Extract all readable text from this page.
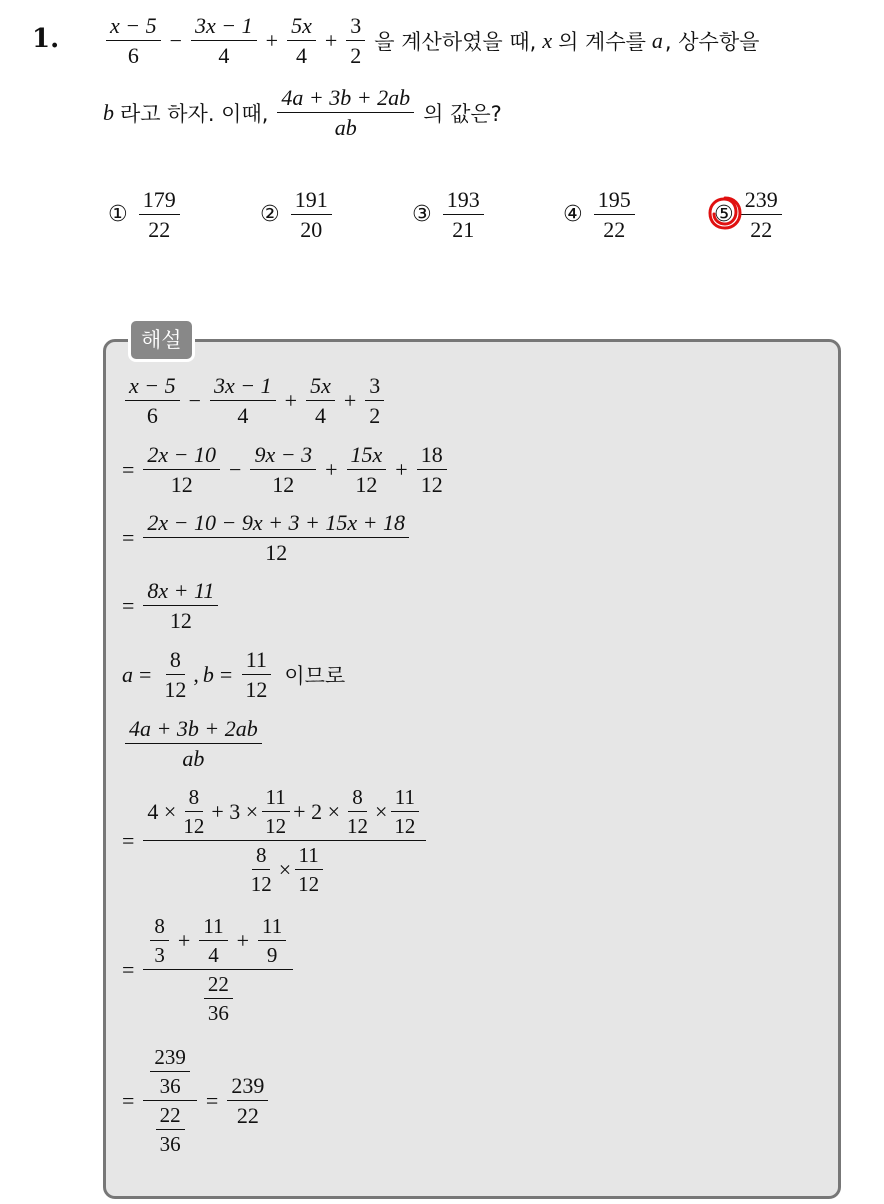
1. $\frac{x - 5}{6} - \frac{3x - 1}{4} + \frac{5x}{4} + \frac{3}{2}$ 을 계산하였을 때, x 의 계수를 a , 상수항을
b 라고 하자. 이때, $\frac{4a + 3b + 2ab}{ab}$ 의 값은?
① $\frac{179}{22}$	② $\frac{191}{20}$	③ $\frac{193}{21}$	④ $\frac{195}{22}$	⑤ $\frac{239}{22}$
해설
$\frac{x - 5}{6} - \frac{3x - 1}{4} + \frac{5x}{4} + \frac{3}{2}$
= $\frac{2x - 10}{12} - \frac{9x - 3}{12} + \frac{15x}{12} + \frac{18}{12}$
= $\frac{2x - 10 - 9x + 3 + 15x + 18}{12}$
= $\frac{8x + 11}{12}$
$a = \frac{8}{12}$ , $b = \frac{11}{12}$ 이므로
$\frac{4a + 3b + 2ab}{ab}$
=
$4 \times \frac{8}{12} + 3 \times \frac{11}{12} + 2 \times \frac{8}{12} \times \frac{11}{12}$
$\frac{8}{12} \times \frac{11}{12}$
= $\frac{\frac{8}{3} + \frac{11}{4} + \frac{11}{9}}{\frac{22}{36}}$
= $\frac{\frac{239}{36}}{\frac{22}{36}} = \frac{239}{22}$
